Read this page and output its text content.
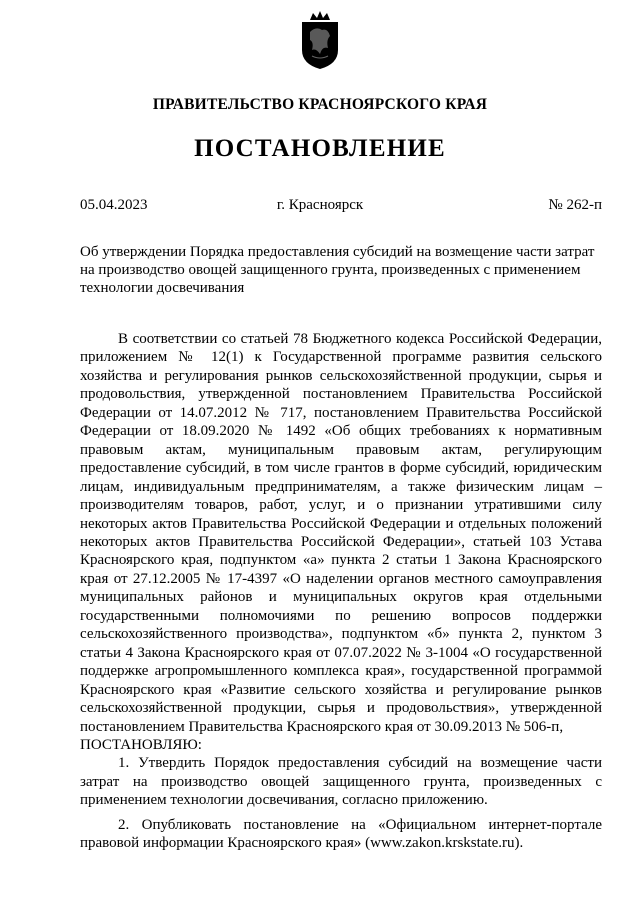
ПРАВИТЕЛЬСТВО КРАСНОЯРСКОГО КРАЯ
ПОСТАНОВЛЕНИЕ
05.04.2023	г. Красноярск	№ 262-п
Об утверждении Порядка предоставления субсидий на возмещение части затрат на производство овощей защищенного грунта, произведенных с применением технологии досвечивания

В соответствии со статьей 78 Бюджетного кодекса Российской Федерации, приложением № 12(1) к Государственной программе развития сельского хозяйства и регулирования рынков сельскохозяйственной продукции, сырья и продовольствия, утвержденной постановлением Правительства Российской Федерации от 14.07.2012 № 717, постановлением Правительства Российской Федерации от 18.09.2020 № 1492 «Об общих требованиях к нормативным правовым актам, муниципальным правовым актам, регулирующим предоставление субсидий, в том числе грантов в форме субсидий, юридическим лицам, индивидуальным предпринимателям, а также физическим лицам – производителям товаров, работ, услуг, и о признании утратившими силу некоторых актов Правительства Российской Федерации и отдельных положений некоторых актов Правительства Российской Федерации», статьей 103 Устава Красноярского края, подпунктом «а» пункта 2 статьи 1 Закона Красноярского края от 27.12.2005 № 17-4397 «О наделении органов местного самоуправления муниципальных районов и муниципальных округов края отдельными государственными полномочиями по решению вопросов поддержки сельскохозяйственного производства», подпунктом «б» пункта 2, пунктом 3 статьи 4 Закона Красноярского края от 07.07.2022 № 3-1004 «О государственной поддержке агропромышленного комплекса края», государственной программой Красноярского края «Развитие сельского хозяйства и регулирование рынков сельскохозяйственной продукции, сырья и продовольствия», утвержденной постановлением Правительства Красноярского края от 30.09.2013 № 506-п,

ПОСТАНОВЛЯЮ:

1. Утвердить Порядок предоставления субсидий на возмещение части затрат на производство овощей защищенного грунта, произведенных с применением технологии досвечивания, согласно приложению.

2. Опубликовать постановление на «Официальном интернет-портале правовой информации Красноярского края» (www.zakon.krskstate.ru).
